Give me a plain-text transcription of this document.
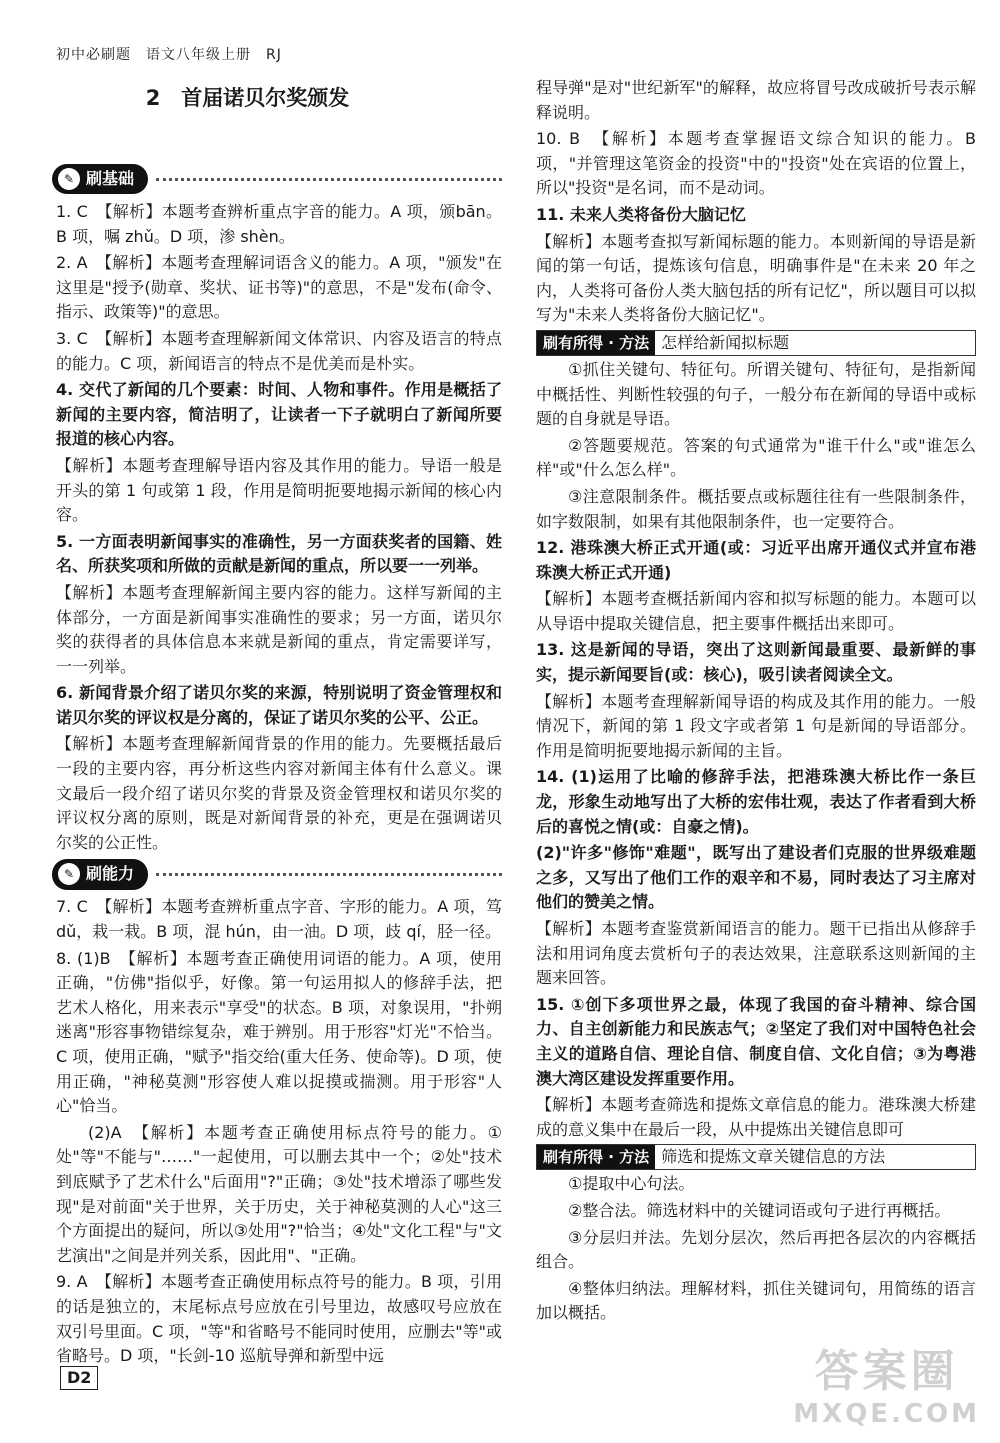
初中必刷题　语文八年级上册　RJ
2　首届诺贝尔奖颁发
✎ 刷基础
1. C　【解析】本题考查辨析重点字音的能力。A 项，颁bān。B 项，嘱 zhǔ。D 项，渗 shèn。
2. A　【解析】本题考查理解词语含义的能力。A 项，"颁发"在这里是"授予(勋章、奖状、证书等)"的意思，不是"发布(命令、指示、政策等)"的意思。
3. C　【解析】本题考查理解新闻文体常识、内容及语言的特点的能力。C 项，新闻语言的特点不是优美而是朴实。
4. 交代了新闻的几个要素：时间、人物和事件。作用是概括了新闻的主要内容，简洁明了，让读者一下子就明白了新闻所要报道的核心内容。
【解析】本题考查理解导语内容及其作用的能力。导语一般是开头的第 1 句或第 1 段，作用是简明扼要地揭示新闻的核心内容。
5. 一方面表明新闻事实的准确性，另一方面获奖者的国籍、姓名、所获奖项和所做的贡献是新闻的重点，所以要一一列举。
【解析】本题考查理解新闻主要内容的能力。这样写新闻的主体部分，一方面是新闻事实准确性的要求；另一方面，诺贝尔奖的获得者的具体信息本来就是新闻的重点，肯定需要详写，一一列举。
6. 新闻背景介绍了诺贝尔奖的来源，特别说明了资金管理权和诺贝尔奖的评议权是分离的，保证了诺贝尔奖的公平、公正。
【解析】本题考查理解新闻背景的作用的能力。先要概括最后一段的主要内容，再分析这些内容对新闻主体有什么意义。课文最后一段介绍了诺贝尔奖的背景及资金管理权和诺贝尔奖的评议权分离的原则，既是对新闻背景的补充，更是在强调诺贝尔奖的公正性。
✎ 刷能力
7. C　【解析】本题考查辨析重点字音、字形的能力。A 项，笃 dǔ，栽一栽。B 项，混 hún，由一油。D 项，歧 qí，胫一径。
8. (1)B　【解析】本题考查正确使用词语的能力。A 项，使用正确，"仿佛"指似乎，好像。第一句运用拟人的修辞手法，把艺术人格化，用来表示"享受"的状态。B 项，对象误用，"扑朔迷离"形容事物错综复杂，难于辨别。用于形容"灯光"不恰当。C 项，使用正确，"赋予"指交给(重大任务、使命等)。D 项，使用正确，"神秘莫测"形容使人难以捉摸或揣测。用于形容"人心"恰当。
(2)A　【解析】本题考查正确使用标点符号的能力。①处"等"不能与"……"一起使用，可以删去其中一个；②处"技术到底赋予了艺术什么"后面用"?"正确；③处"技术增添了哪些发现"是对前面"关于世界，关于历史，关于神秘莫测的人心"这三个方面提出的疑问，所以③处用"?"恰当；④处"文化工程"与"文艺演出"之间是并列关系，因此用"、"正确。
9. A　【解析】本题考查正确使用标点符号的能力。B 项，引用的话是独立的，末尾标点号应放在引号里边，故感叹号应放在双引号里面。C 项，"等"和省略号不能同时使用，应删去"等"或省略号。D 项，"长剑-10 巡航导弹和新型中远
程导弹"是对"世纪新军"的解释，故应将冒号改成破折号表示解释说明。
10. B　【解析】本题考查掌握语文综合知识的能力。B 项，"并管理这笔资金的投资"中的"投资"处在宾语的位置上，所以"投资"是名词，而不是动词。
11. 未来人类将备份大脑记忆
【解析】本题考查拟写新闻标题的能力。本则新闻的导语是新闻的第一句话，提炼该句信息，明确事件是"在未来 20 年之内，人类将可备份人类大脑包括的所有记忆"，所以题目可以拟写为"未来人类将备份大脑记忆"。
刷有所得 · 方法 怎样给新闻拟标题
①抓住关键句、特征句。所谓关键句、特征句，是指新闻中概括性、判断性较强的句子，一般分布在新闻的导语中或标题的自身就是导语。
②答题要规范。答案的句式通常为"谁干什么"或"谁怎么样"或"什么怎么样"。
③注意限制条件。概括要点或标题往往有一些限制条件，如字数限制，如果有其他限制条件，也一定要符合。
12. 港珠澳大桥正式开通(或：习近平出席开通仪式并宣布港珠澳大桥正式开通)
【解析】本题考查概括新闻内容和拟写标题的能力。本题可以从导语中提取关键信息，把主要事件概括出来即可。
13. 这是新闻的导语，突出了这则新闻最重要、最新鲜的事实，提示新闻要旨(或：核心)，吸引读者阅读全文。
【解析】本题考查理解新闻导语的构成及其作用的能力。一般情况下，新闻的第 1 段文字或者第 1 句是新闻的导语部分。作用是简明扼要地揭示新闻的主旨。
14. (1)运用了比喻的修辞手法，把港珠澳大桥比作一条巨龙，形象生动地写出了大桥的宏伟壮观，表达了作者看到大桥后的喜悦之情(或：自豪之情)。
(2)"许多"修饰"难题"，既写出了建设者们克服的世界级难题之多，又写出了他们工作的艰辛和不易，同时表达了习主席对他们的赞美之情。
【解析】本题考查鉴赏新闻语言的能力。题干已指出从修辞手法和用词角度去赏析句子的表达效果，注意联系这则新闻的主题来回答。
15. ①创下多项世界之最，体现了我国的奋斗精神、综合国力、自主创新能力和民族志气；②坚定了我们对中国特色社会主义的道路自信、理论自信、制度自信、文化自信；③为粤港澳大湾区建设发挥重要作用。
【解析】本题考查筛选和提炼文章信息的能力。港珠澳大桥建成的意义集中在最后一段，从中提炼出关键信息即可
刷有所得 · 方法 筛选和提炼文章关键信息的方法
①提取中心句法。
②整合法。筛选材料中的关键词语或句子进行再概括。
③分层归并法。先划分层次，然后再把各层次的内容概括组合。
④整体归纳法。理解材料，抓住关键词句，用简练的语言加以概括。
D2	答案圈
MXQE.COM
